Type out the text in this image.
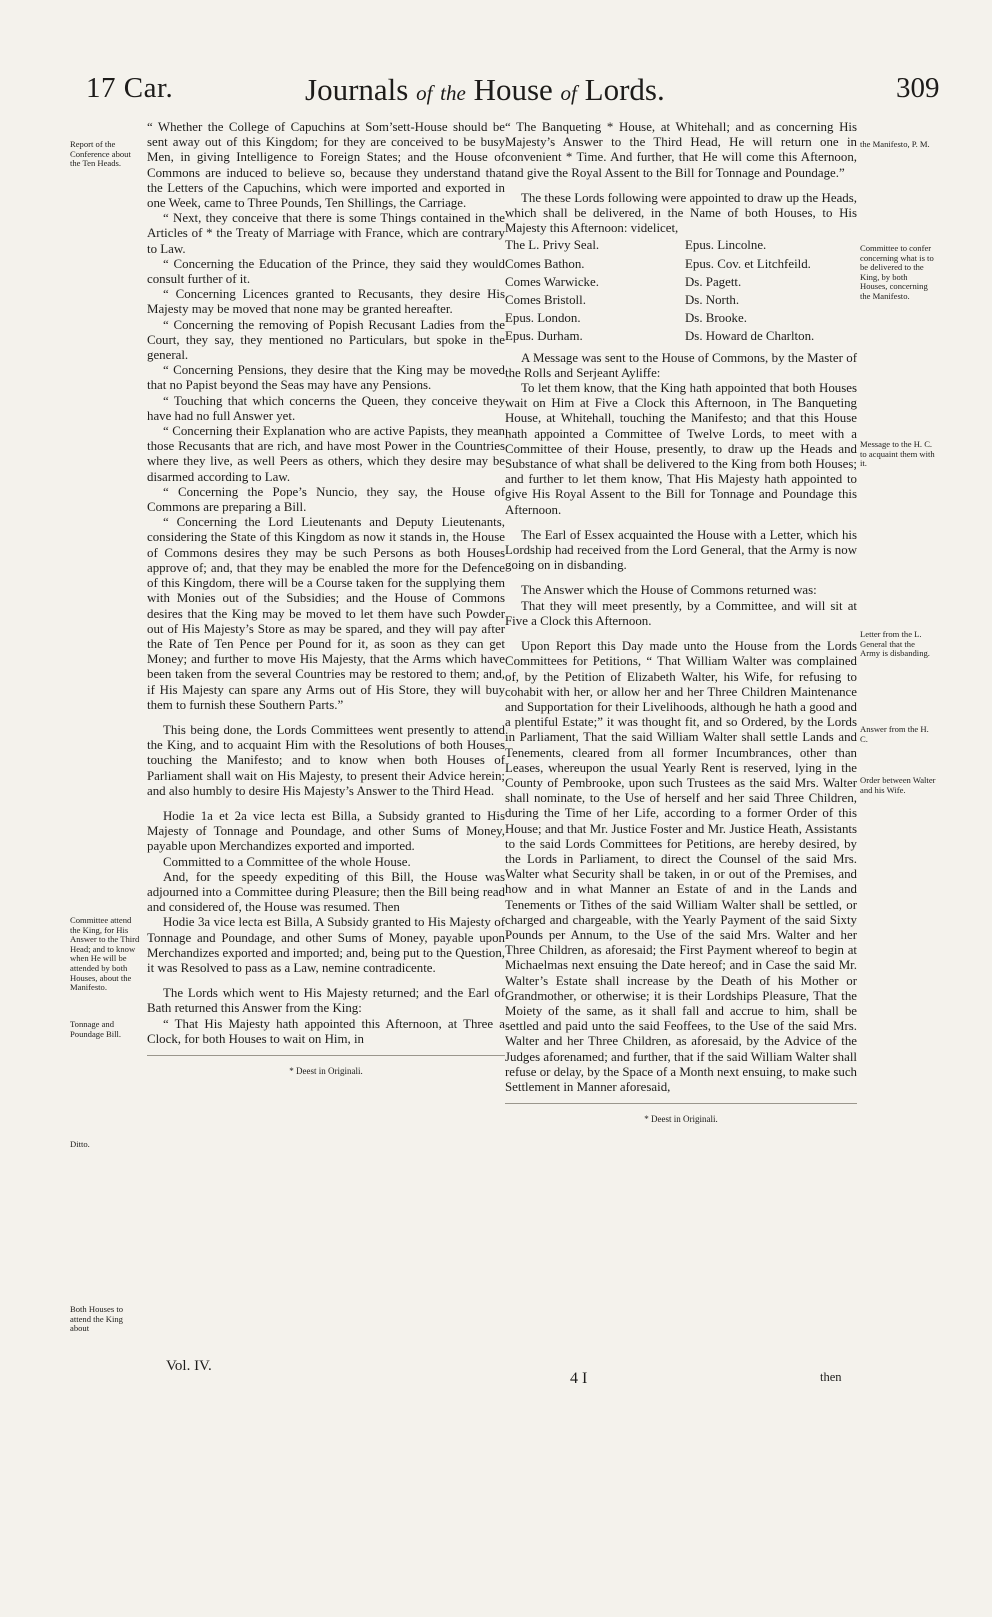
17 Car.	Journals of the House of Lords.	309
Report of the Conference about the Ten Heads.
Committee attend the King, for His Answer to the Third Head; and to know when He will be attended by both Houses, about the Manifesto.
Tonnage and Poundage Bill.
Ditto.
Both Houses to attend the King about
the Manifesto, P. M.
Committee to confer concerning what is to be delivered to the King, by both Houses, concerning the Manifesto.
Message to the H. C. to acquaint them with it.
Letter from the L. General that the Army is disbanding.
Answer from the H. C.
Order between Walter and his Wife.

“ Whether the College of Capuchins at Som’sett-House should be sent away out of this Kingdom; for they are conceived to be busy Men, in giving Intelligence to Foreign States; and the House of Commons are induced to believe so, because they understand that the Letters of the Capuchins, which were imported and exported in one Week, came to Three Pounds, Ten Shillings, the Carriage.

“ Next, they conceive that there is some Things contained in the Articles of * the Treaty of Marriage with France, which are contrary to Law.

“ Concerning the Education of the Prince, they said they would consult further of it.

“ Concerning Licences granted to Recusants, they desire His Majesty may be moved that none may be granted hereafter.

“ Concerning the removing of Popish Recusant Ladies from the Court, they say, they mentioned no Particulars, but spoke in the general.

“ Concerning Pensions, they desire that the King may be moved that no Papist beyond the Seas may have any Pensions.

“ Touching that which concerns the Queen, they conceive they have had no full Answer yet.

“ Concerning their Explanation who are active Papists, they mean those Recusants that are rich, and have most Power in the Countries where they live, as well Peers as others, which they desire may be disarmed according to Law.

“ Concerning the Pope’s Nuncio, they say, the House of Commons are preparing a Bill.

“ Concerning the Lord Lieutenants and Deputy Lieutenants, considering the State of this Kingdom as now it stands in, the House of Commons desires they may be such Persons as both Houses approve of; and, that they may be enabled the more for the Defence of this Kingdom, there will be a Course taken for the supplying them with Monies out of the Subsidies; and the House of Commons desires that the King may be moved to let them have such Powder out of His Majesty’s Store as may be spared, and they will pay after the Rate of Ten Pence per Pound for it, as soon as they can get Money; and further to move His Majesty, that the Arms which have been taken from the several Countries may be restored to them; and, if His Majesty can spare any Arms out of His Store, they will buy them to furnish these Southern Parts.”

This being done, the Lords Committees went presently to attend the King, and to acquaint Him with the Resolutions of both Houses touching the Manifesto; and to know when both Houses of Parliament shall wait on His Majesty, to present their Advice herein; and also humbly to desire His Majesty’s Answer to the Third Head.

Hodie 1a et 2a vice lecta est Billa, a Subsidy granted to His Majesty of Tonnage and Poundage, and other Sums of Money, payable upon Merchandizes exported and imported.

Committed to a Committee of the whole House.

And, for the speedy expediting of this Bill, the House was adjourned into a Committee during Pleasure; then the Bill being read and considered of, the House was resumed. Then

Hodie 3a vice lecta est Billa, A Subsidy granted to His Majesty of Tonnage and Poundage, and other Sums of Money, payable upon Merchandizes exported and imported; and, being put to the Question, it was Resolved to pass as a Law, nemine contradicente.

The Lords which went to His Majesty returned; and the Earl of Bath returned this Answer from the King:

“ That His Majesty hath appointed this Afternoon, at Three a Clock, for both Houses to wait on Him, in

* Deest in Originali.

“ The Banqueting * House, at Whitehall; and as concerning His Majesty’s Answer to the Third Head, He will return one in convenient * Time. And further, that He will come this Afternoon, and give the Royal Assent to the Bill for Tonnage and Poundage.”

The these Lords following were appointed to draw up the Heads, which shall be delivered, in the Name of both Houses, to His Majesty this Afternoon: videlicet,

The L. Privy Seal.	Epus. Lincolne.
Comes Bathon.	Epus. Cov. et Litchfeild.
Comes Warwicke.	Ds. Pagett.
Comes Bristoll.	Ds. North.
Epus. London.	Ds. Brooke.
Epus. Durham.	Ds. Howard de Charlton.

A Message was sent to the House of Commons, by the Master of the Rolls and Serjeant Ayliffe:

To let them know, that the King hath appointed that both Houses wait on Him at Five a Clock this Afternoon, in The Banqueting House, at Whitehall, touching the Manifesto; and that this House hath appointed a Committee of Twelve Lords, to meet with a Committee of their House, presently, to draw up the Heads and Substance of what shall be delivered to the King from both Houses; and further to let them know, That His Majesty hath appointed to give His Royal Assent to the Bill for Tonnage and Poundage this Afternoon.

The Earl of Essex acquainted the House with a Letter, which his Lordship had received from the Lord General, that the Army is now going on in disbanding.

The Answer which the House of Commons returned was:

That they will meet presently, by a Committee, and will sit at Five a Clock this Afternoon.

Upon Report this Day made unto the House from the Lords Committees for Petitions, “ That William Walter was complained of, by the Petition of Elizabeth Walter, his Wife, for refusing to cohabit with her, or allow her and her Three Children Maintenance and Supportation for their Livelihoods, although he hath a good and a plentiful Estate;” it was thought fit, and so Ordered, by the Lords in Parliament, That the said William Walter shall settle Lands and Tenements, cleared from all former Incumbrances, other than Leases, whereupon the usual Yearly Rent is reserved, lying in the County of Pembrooke, upon such Trustees as the said Mrs. Walter shall nominate, to the Use of herself and her said Three Children, during the Time of her Life, according to a former Order of this House; and that Mr. Justice Foster and Mr. Justice Heath, Assistants to the said Lords Committees for Petitions, are hereby desired, by the Lords in Parliament, to direct the Counsel of the said Mrs. Walter what Security shall be taken, in or out of the Premises, and how and in what Manner an Estate of and in the Lands and Tenements or Tithes of the said William Walter shall be settled, or charged and chargeable, with the Yearly Payment of the said Sixty Pounds per Annum, to the Use of the said Mrs. Walter and her Three Children, as aforesaid; the First Payment whereof to begin at Michaelmas next ensuing the Date hereof; and in Case the said Mr. Walter’s Estate shall increase by the Death of his Mother or Grandmother, or otherwise; it is their Lordships Pleasure, That the Moiety of the same, as it shall fall and accrue to him, shall be settled and paid unto the said Feoffees, to the Use of the said Mrs. Walter and her Three Children, as aforesaid, by the Advice of the Judges aforenamed; and further, that if the said William Walter shall refuse or delay, by the Space of a Month next ensuing, to make such Settlement in Manner aforesaid,

* Deest in Originali.
Vol. IV.
4 I	then
